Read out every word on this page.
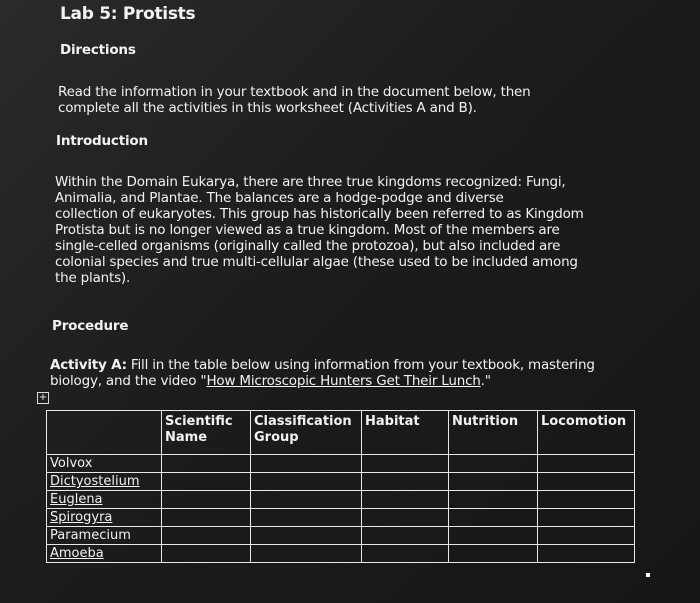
Lab 5: Protists
Directions

Read the information in your textbook and in the document below, then

complete all the activities in this worksheet (Activities A and B).

Introduction

Within the Domain Eukarya, there are three true kingdoms recognized: Fungi,

Animalia, and Plantae. The balances are a hodge-podge and diverse

collection of eukaryotes. This group has historically been referred to as Kingdom

Protista but is no longer viewed as a true kingdom. Most of the members are

single-celled organisms (originally called the protozoa), but also included are

colonial species and true multi-cellular algae (these used to be included among

the plants).

Procedure

Activity A: Fill in the table below using information from your textbook, mastering

biology, and the video "How Microscopic Hunters Get Their Lunch."

+
	Scientific Name	Classification Group	Habitat	Nutrition	Locomotion
Volvox					
Dictyostelium					
Euglena					
Spirogyra					
Paramecium					
Amoeba					
